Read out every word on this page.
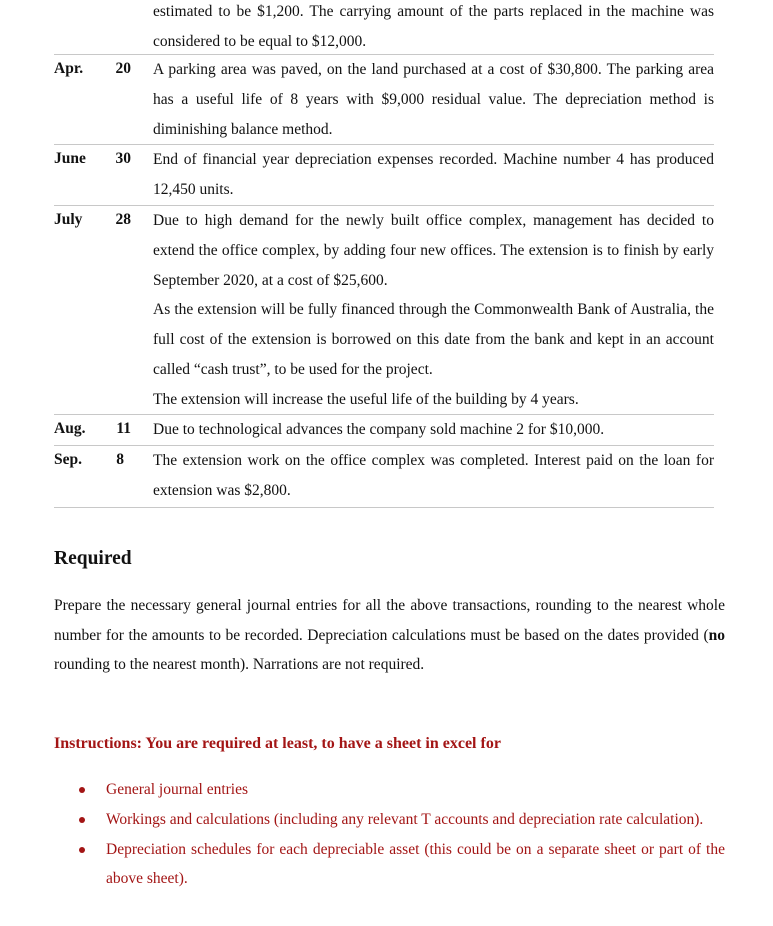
estimated to be $1,200. The carrying amount of the parts replaced in the machine was considered to be equal to $12,000.

Apr. 20 A parking area was paved, on the land purchased at a cost of $30,800. The parking area has a useful life of 8 years with $9,000 residual value. The depreciation method is diminishing balance method.

June 30 End of financial year depreciation expenses recorded. Machine number 4 has produced 12,450 units.

July 28 Due to high demand for the newly built office complex, management has decided to extend the office complex, by adding four new offices. The extension is to finish by early September 2020, at a cost of $25,600.

As the extension will be fully financed through the Commonwealth Bank of Australia, the full cost of the extension is borrowed on this date from the bank and kept in an account called “cash trust”, to be used for the project.

The extension will increase the useful life of the building by 4 years.

Aug.	11 Due to technological advances the company sold machine 2 for $10,000.

Sep.	8 The extension work on the office complex was completed. Interest paid on the loan for extension was $2,800.

Required

Prepare the necessary general journal entries for all the above transactions, rounding to the nearest whole number for the amounts to be recorded. Depreciation calculations must be based on the dates provided (no rounding to the nearest month). Narrations are not required.

Instructions: You are required at least, to have a sheet in excel for

General journal entries
Workings and calculations (including any relevant T accounts and depreciation rate calculation).
Depreciation schedules for each depreciable asset (this could be on a separate sheet or part of the above sheet).
